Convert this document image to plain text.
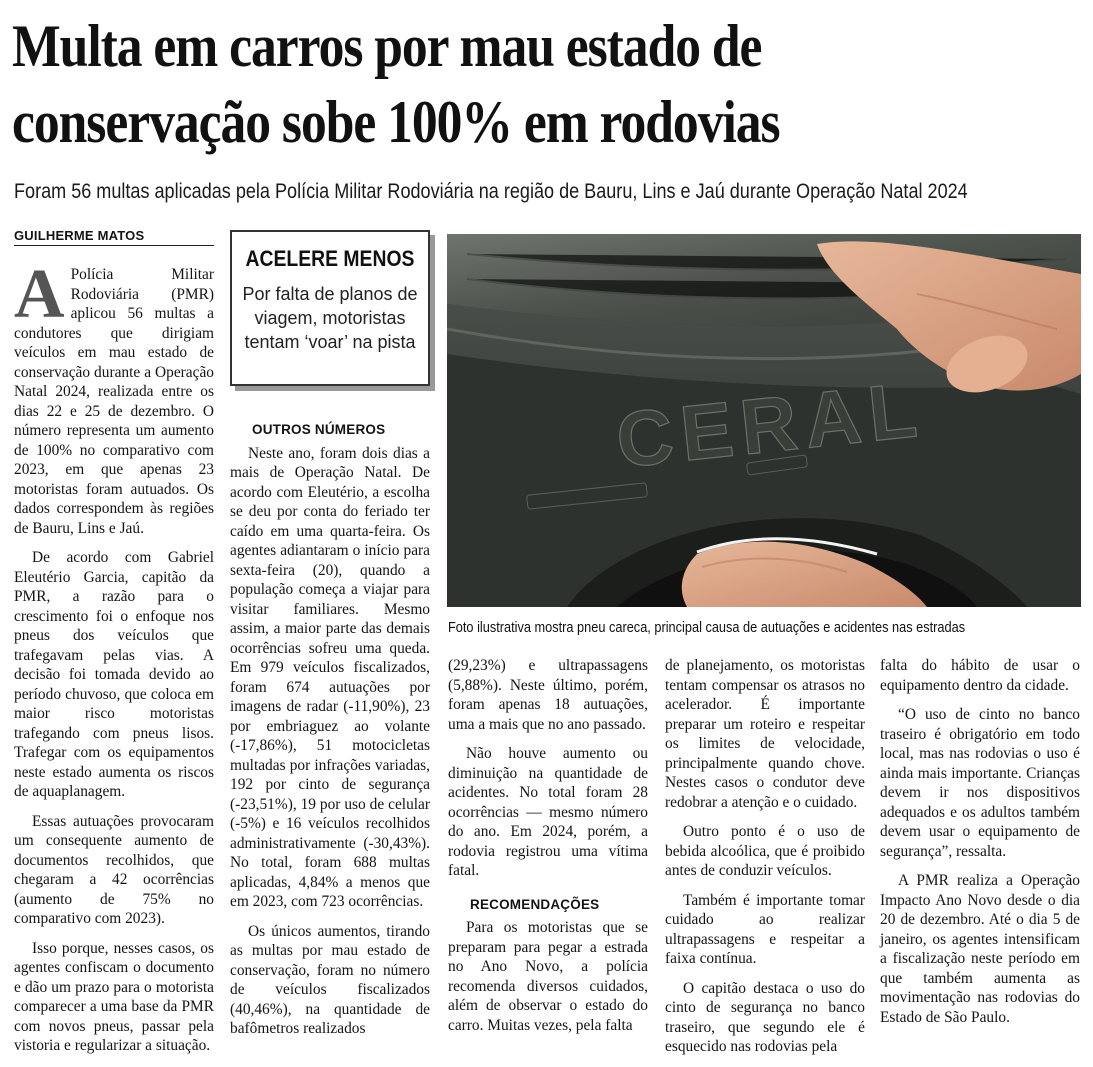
Multa em carros por mau estado de
conservação sobe 100% em rodovias
Foram 56 multas aplicadas pela Polícia Militar Rodoviária na região de Bauru, Lins e Jaú durante Operação Natal 2024
GUILHERME MATOS

A Polícia Militar Rodoviária (PMR) aplicou 56 multas a condutores que dirigiam veículos em mau estado de conservação durante a Operação Natal 2024, realizada entre os dias 22 e 25 de dezembro. O número representa um aumento de 100% no comparativo com 2023, em que apenas 23 motoristas foram autuados. Os dados correspondem às regiões de Bauru, Lins e Jaú.

De acordo com Gabriel Eleutério Garcia, capitão da PMR, a razão para o crescimento foi o enfoque nos pneus dos veículos que trafegavam pelas vias. A decisão foi tomada devido ao período chuvoso, que coloca em maior risco motoristas trafegando com pneus lisos. Trafegar com os equipamentos neste estado aumenta os riscos de aquaplanagem.

Essas autuações provocaram um consequente aumento de documentos recolhidos, que chegaram a 42 ocorrências (aumento de 75% no comparativo com 2023).

Isso porque, nesses casos, os agentes confiscam o documento e dão um prazo para o motorista comparecer a uma base da PMR com novos pneus, passar pela vistoria e regularizar a situação.

ACELERE MENOS
Por falta de planos de viagem, motoristas tentam ‘voar’ na pista
OUTROS NÚMEROS

Neste ano, foram dois dias a mais de Operação Natal. De acordo com Eleutério, a escolha se deu por conta do feriado ter caído em uma quarta-feira. Os agentes adiantaram o início para sexta-feira (20), quando a população começa a viajar para visitar familiares. Mesmo assim, a maior parte das demais ocorrências sofreu uma queda. Em 979 veículos fiscalizados, foram 674 autuações por imagens de radar (-11,90%), 23 por embriaguez ao volante (-17,86%), 51 motocicletas multadas por infrações variadas, 192 por cinto de segurança (-23,51%), 19 por uso de celular (-5%) e 16 veículos recolhidos administrativamente (-30,43%). No total, foram 688 multas aplicadas, 4,84% a menos que em 2023, com 723 ocorrências.

Os únicos aumentos, tirando as multas por mau estado de conservação, foram no número de veículos fiscalizados (40,46%), na quantidade de bafômetros realizados

CERAL
Foto ilustrativa mostra pneu careca, principal causa de autuações e acidentes nas estradas

(29,23%) e ultrapassagens (5,88%). Neste último, porém, foram apenas 18 autuações, uma a mais que no ano passado.

Não houve aumento ou diminuição na quantidade de acidentes. No total foram 28 ocorrências — mesmo número do ano. Em 2024, porém, a rodovia registrou uma vítima fatal.

RECOMENDAÇÕES

Para os motoristas que se preparam para pegar a estrada no Ano Novo, a polícia recomenda diversos cuidados, além de observar o estado do carro. Muitas vezes, pela falta

de planejamento, os motoristas tentam compensar os atrasos no acelerador. É importante preparar um roteiro e respeitar os limites de velocidade, principalmente quando chove. Nestes casos o condutor deve redobrar a atenção e o cuidado.

Outro ponto é o uso de bebida alcoólica, que é proibido antes de conduzir veículos.

Também é importante tomar cuidado ao realizar ultrapassagens e respeitar a faixa contínua.

O capitão destaca o uso do cinto de segurança no banco traseiro, que segundo ele é esquecido nas rodovias pela

falta do hábito de usar o equipamento dentro da cidade.

“O uso de cinto no banco traseiro é obrigatório em todo local, mas nas rodovias o uso é ainda mais importante. Crianças devem ir nos dispositivos adequados e os adultos também devem usar o equipamento de segurança”, ressalta.

A PMR realiza a Operação Impacto Ano Novo desde o dia 20 de dezembro. Até o dia 5 de janeiro, os agentes intensificam a fiscalização neste período em que também aumenta as movimentação nas rodovias do Estado de São Paulo.
